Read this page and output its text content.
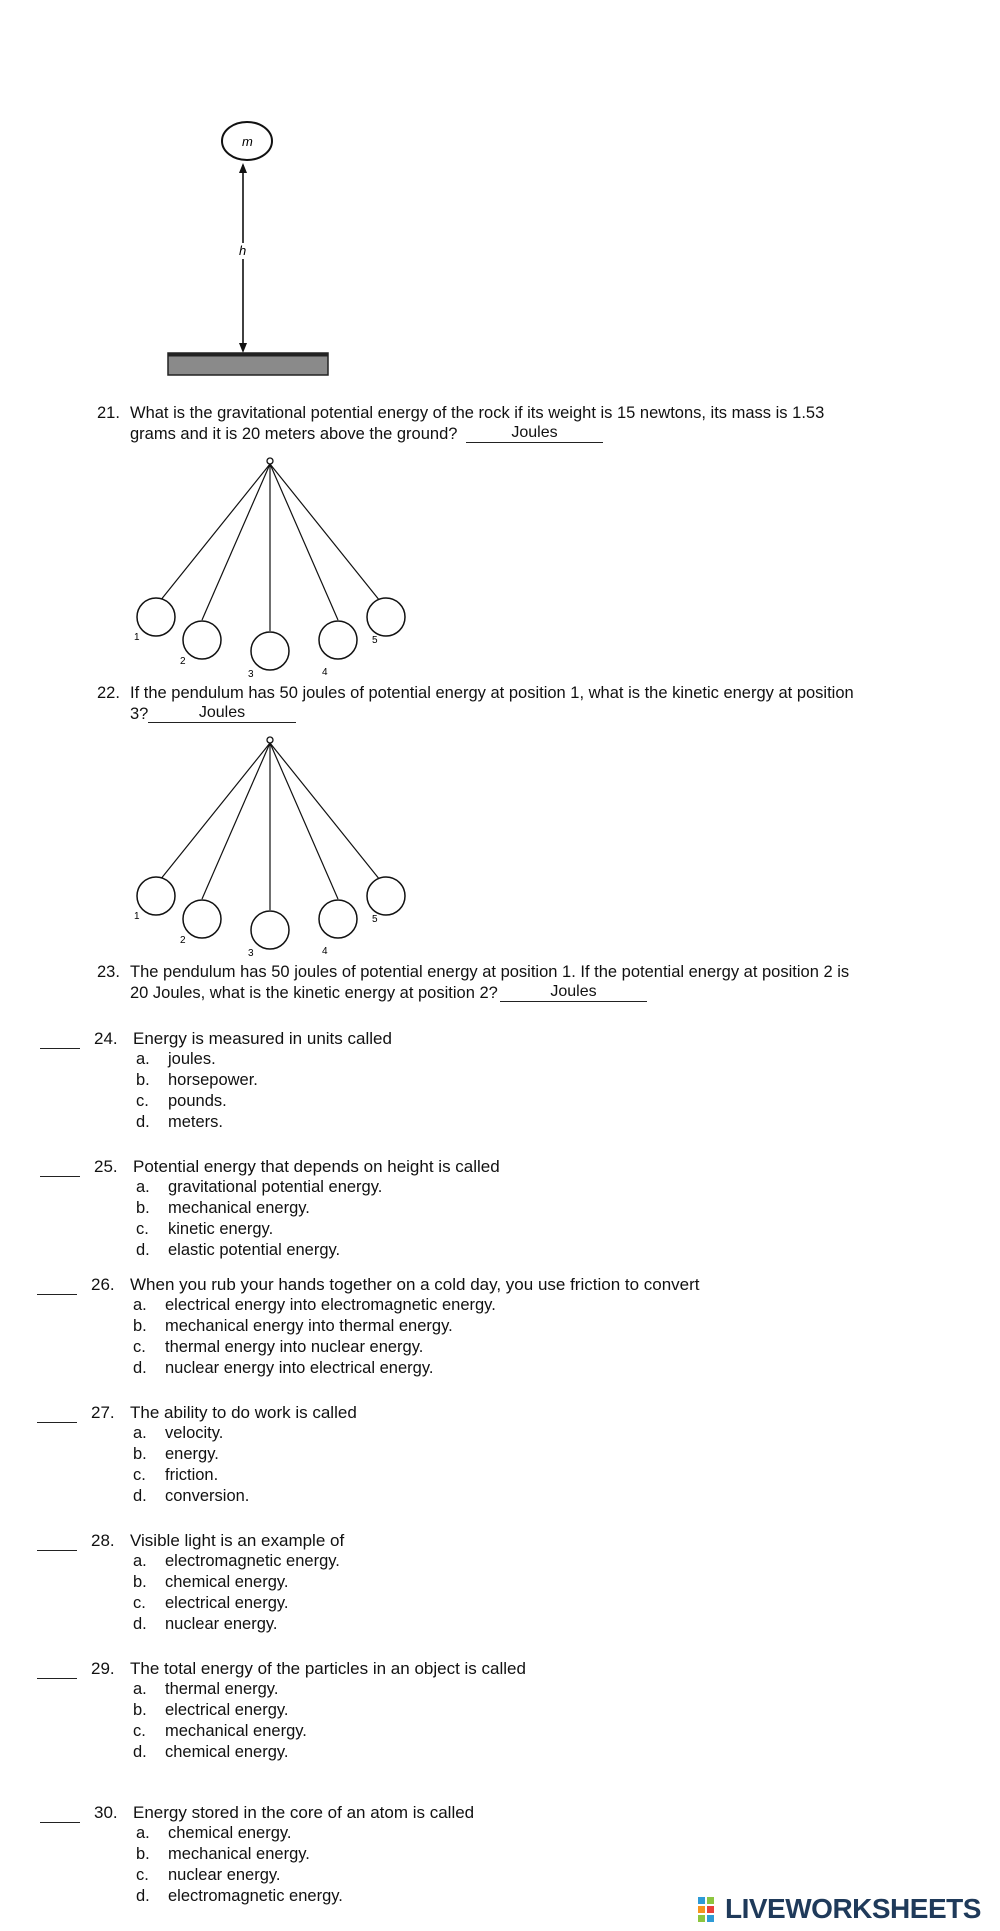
m
h
21. What is the gravitational potential energy of the rock if its weight is 15 newtons, its mass is 1.53
grams and it is 20 meters above the ground?	Joules
1
2
3	4
5
22. If the pendulum has 50 joules of potential energy at position 1, what is the kinetic energy at position
3?	Joules
1
2
3	4
5
23. The pendulum has 50 joules of potential energy at position 1. If the potential energy at position 2 is
20 Joules, what is the kinetic energy at position 2?	Joules
24. Energy is measured in units called
a. joules.
b. horsepower.
c. pounds.
d. meters.
25. Potential energy that depends on height is called
a. gravitational potential energy.
b. mechanical energy.
c. kinetic energy.
d. elastic potential energy.
26. When you rub your hands together on a cold day, you use friction to convert
a. electrical energy into electromagnetic energy.
b. mechanical energy into thermal energy.
c. thermal energy into nuclear energy.
d. nuclear energy into electrical energy.
27. The ability to do work is called
a. velocity.
b. energy.
c. friction.
d. conversion.
28. Visible light is an example of
a. electromagnetic energy.
b. chemical energy.
c. electrical energy.
d. nuclear energy.
29. The total energy of the particles in an object is called
a. thermal energy.
b. electrical energy.
c. mechanical energy.
d. chemical energy.
30. Energy stored in the core of an atom is called
a. chemical energy.
b. mechanical energy.
c. nuclear energy.
d. electromagnetic energy.	LIVEWORKSHEETS
